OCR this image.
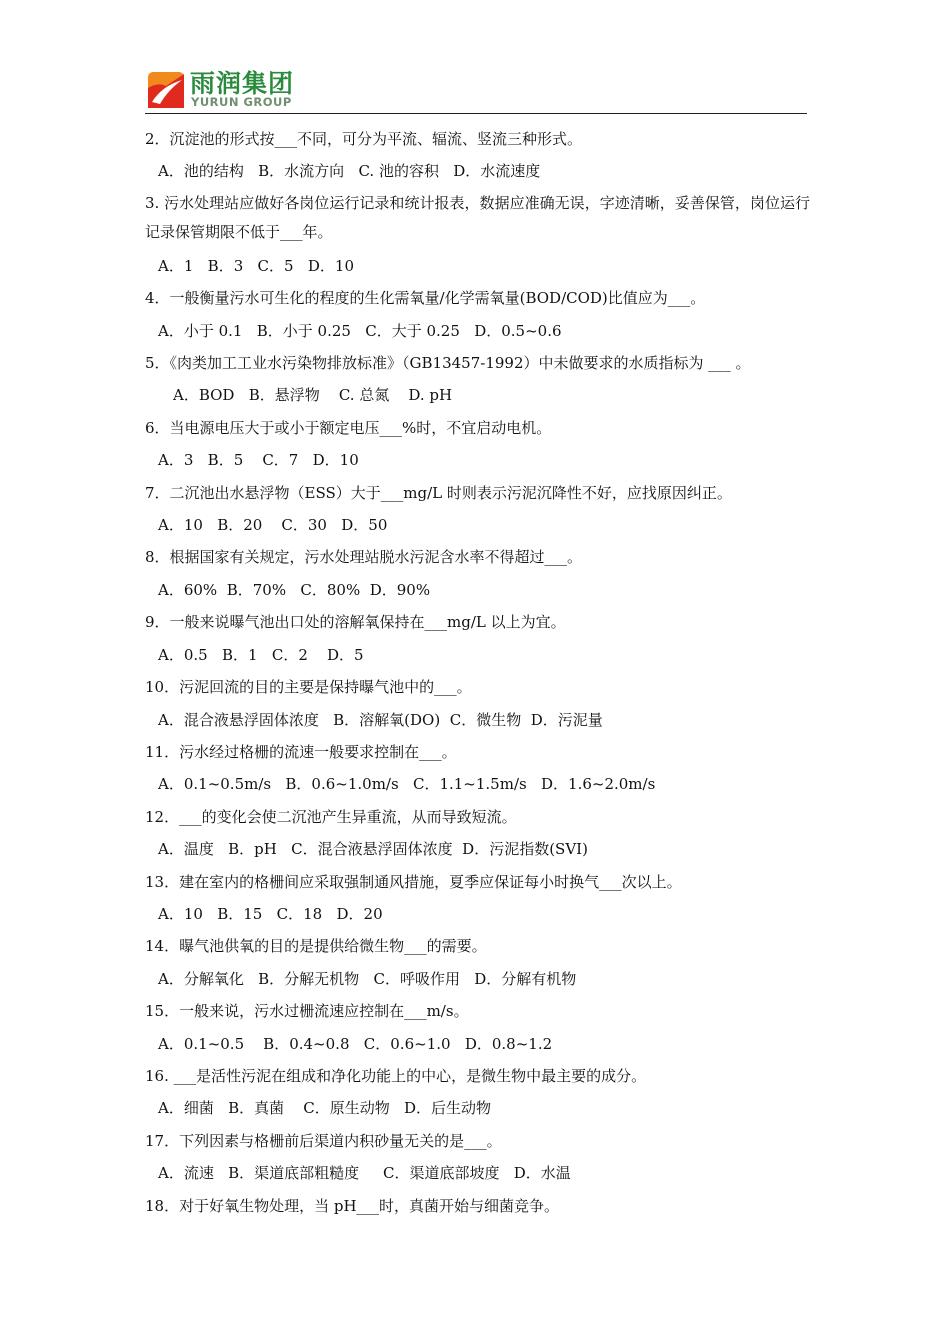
雨润集团
YURUN GROUP
2．沉淀池的形式按___不同，可分为平流、辐流、竖流三种形式。
A．池的结构   B．水流方向   C. 池的容积   D．水流速度
3. 污水处理站应做好各岗位运行记录和统计报表，数据应准确无误，字迹清晰，妥善保管，岗位运行记录保管期限不低于___年。
A．1   B．3   C．5   D．10
4．一般衡量污水可生化的程度的生化需氧量/化学需氧量(BOD/COD)比值应为___。
A．小于 0.1   B．小于 0.25   C．大于 0.25   D．0.5~0.6
5．《肉类加工工业水污染物排放标准》（GB13457-1992）中未做要求的水质指标为 ___ 。
A．BOD   B．悬浮物    C. 总氮    D. pH
6．当电源电压大于或小于额定电压___%时，不宜启动电机。
A．3   B．5    C．7   D．10
7．二沉池出水悬浮物（ESS）大于___mg/L 时则表示污泥沉降性不好，应找原因纠正。
A．10   B．20    C．30   D．50
8．根据国家有关规定，污水处理站脱水污泥含水率不得超过___。
A．60%  B．70%   C．80%  D．90%
9．一般来说曝气池出口处的溶解氧保持在___mg/L 以上为宜。
A．0.5   B．1   C．2    D．5
10．污泥回流的目的主要是保持曝气池中的___。
A．混合液悬浮固体浓度   B．溶解氧(DO)  C．微生物  D．污泥量
11．污水经过格栅的流速一般要求控制在___。
A．0.1~0.5m/s   B．0.6~1.0m/s   C．1.1~1.5m/s   D．1.6~2.0m/s
12．___的变化会使二沉池产生异重流，从而导致短流。
A．温度   B．pH   C．混合液悬浮固体浓度  D．污泥指数(SVI)
13．建在室内的格栅间应采取强制通风措施，夏季应保证每小时换气___次以上。
A．10   B．15   C．18   D．20
14．曝气池供氧的目的是提供给微生物___的需要。
A．分解氧化   B．分解无机物   C．呼吸作用   D．分解有机物
15．一般来说，污水过栅流速应控制在___m/s。
A．0.1~0.5    B．0.4~0.8   C．0.6~1.0   D．0.8~1.2
16. ___是活性污泥在组成和净化功能上的中心，是微生物中最主要的成分。
A．细菌   B．真菌    C．原生动物   D．后生动物
17．下列因素与格栅前后渠道内积砂量无关的是___。
A．流速   B．渠道底部粗糙度     C．渠道底部坡度   D．水温
18．对于好氧生物处理，当 pH___时，真菌开始与细菌竞争。
